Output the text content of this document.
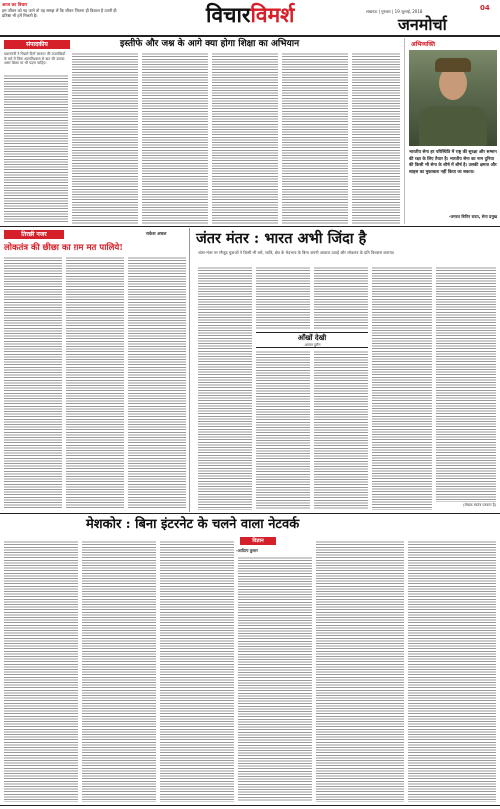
आज का विचार
हम जीवन को नह जाने तो यह समझ लें कि जीवन जितना ही विशाल है उतनी ही प्रतिष्ठा भी हमें मिलती है।	विचारविमर्श	लखनऊ | गुरुवार | 19 जुलाई, 2018
जनमोर्चा
04
संपादकीय	इस्तीफे और जश्न के आगे क्या होगा शिक्षा का अभियान
प्रधानमंत्री ने पिछले दिनों सरकार की उपलब्धियों के बारे में जिस आत्मविश्वास से बात की उसका असर शिक्षा पर भी पड़ना चाहिए।
अभिव्यक्ति
भारतीय सेना हर परिस्थिति में राष्ट्र की सुरक्षा और सम्मान की रक्षा के लिए तैयार है। भारतीय सेना का नाम दुनिया की किसी भी सेना के शीर्ष में शीर्ष है। उसकी क्षमता और साहस का मुकाबला नहीं किया जा सकता।
-जनरल बिपिन रावत, सेना प्रमुख
तिरछी नजर	राकेश अचल
लोकतंत्र की छीछा का ग़म मत पालिये!
जंतर मंतर : भारत अभी जिंदा है
जंतर-मंतर पर मौजूद युवाओं ने किसी भी धर्म, जाति, क्षेत्र के भेदभाव के बिना अपनी आवाज उठाई और लोकतंत्र के प्रति विश्वास जताया।
आँखों देखी
-अनवर हुसैन
(लेखक स्वतंत्र पत्रकार हैं)
मेशकोर : बिना इंटरनेट के चलने वाला नेटवर्क
विज्ञान
-आदित्य कुमार
